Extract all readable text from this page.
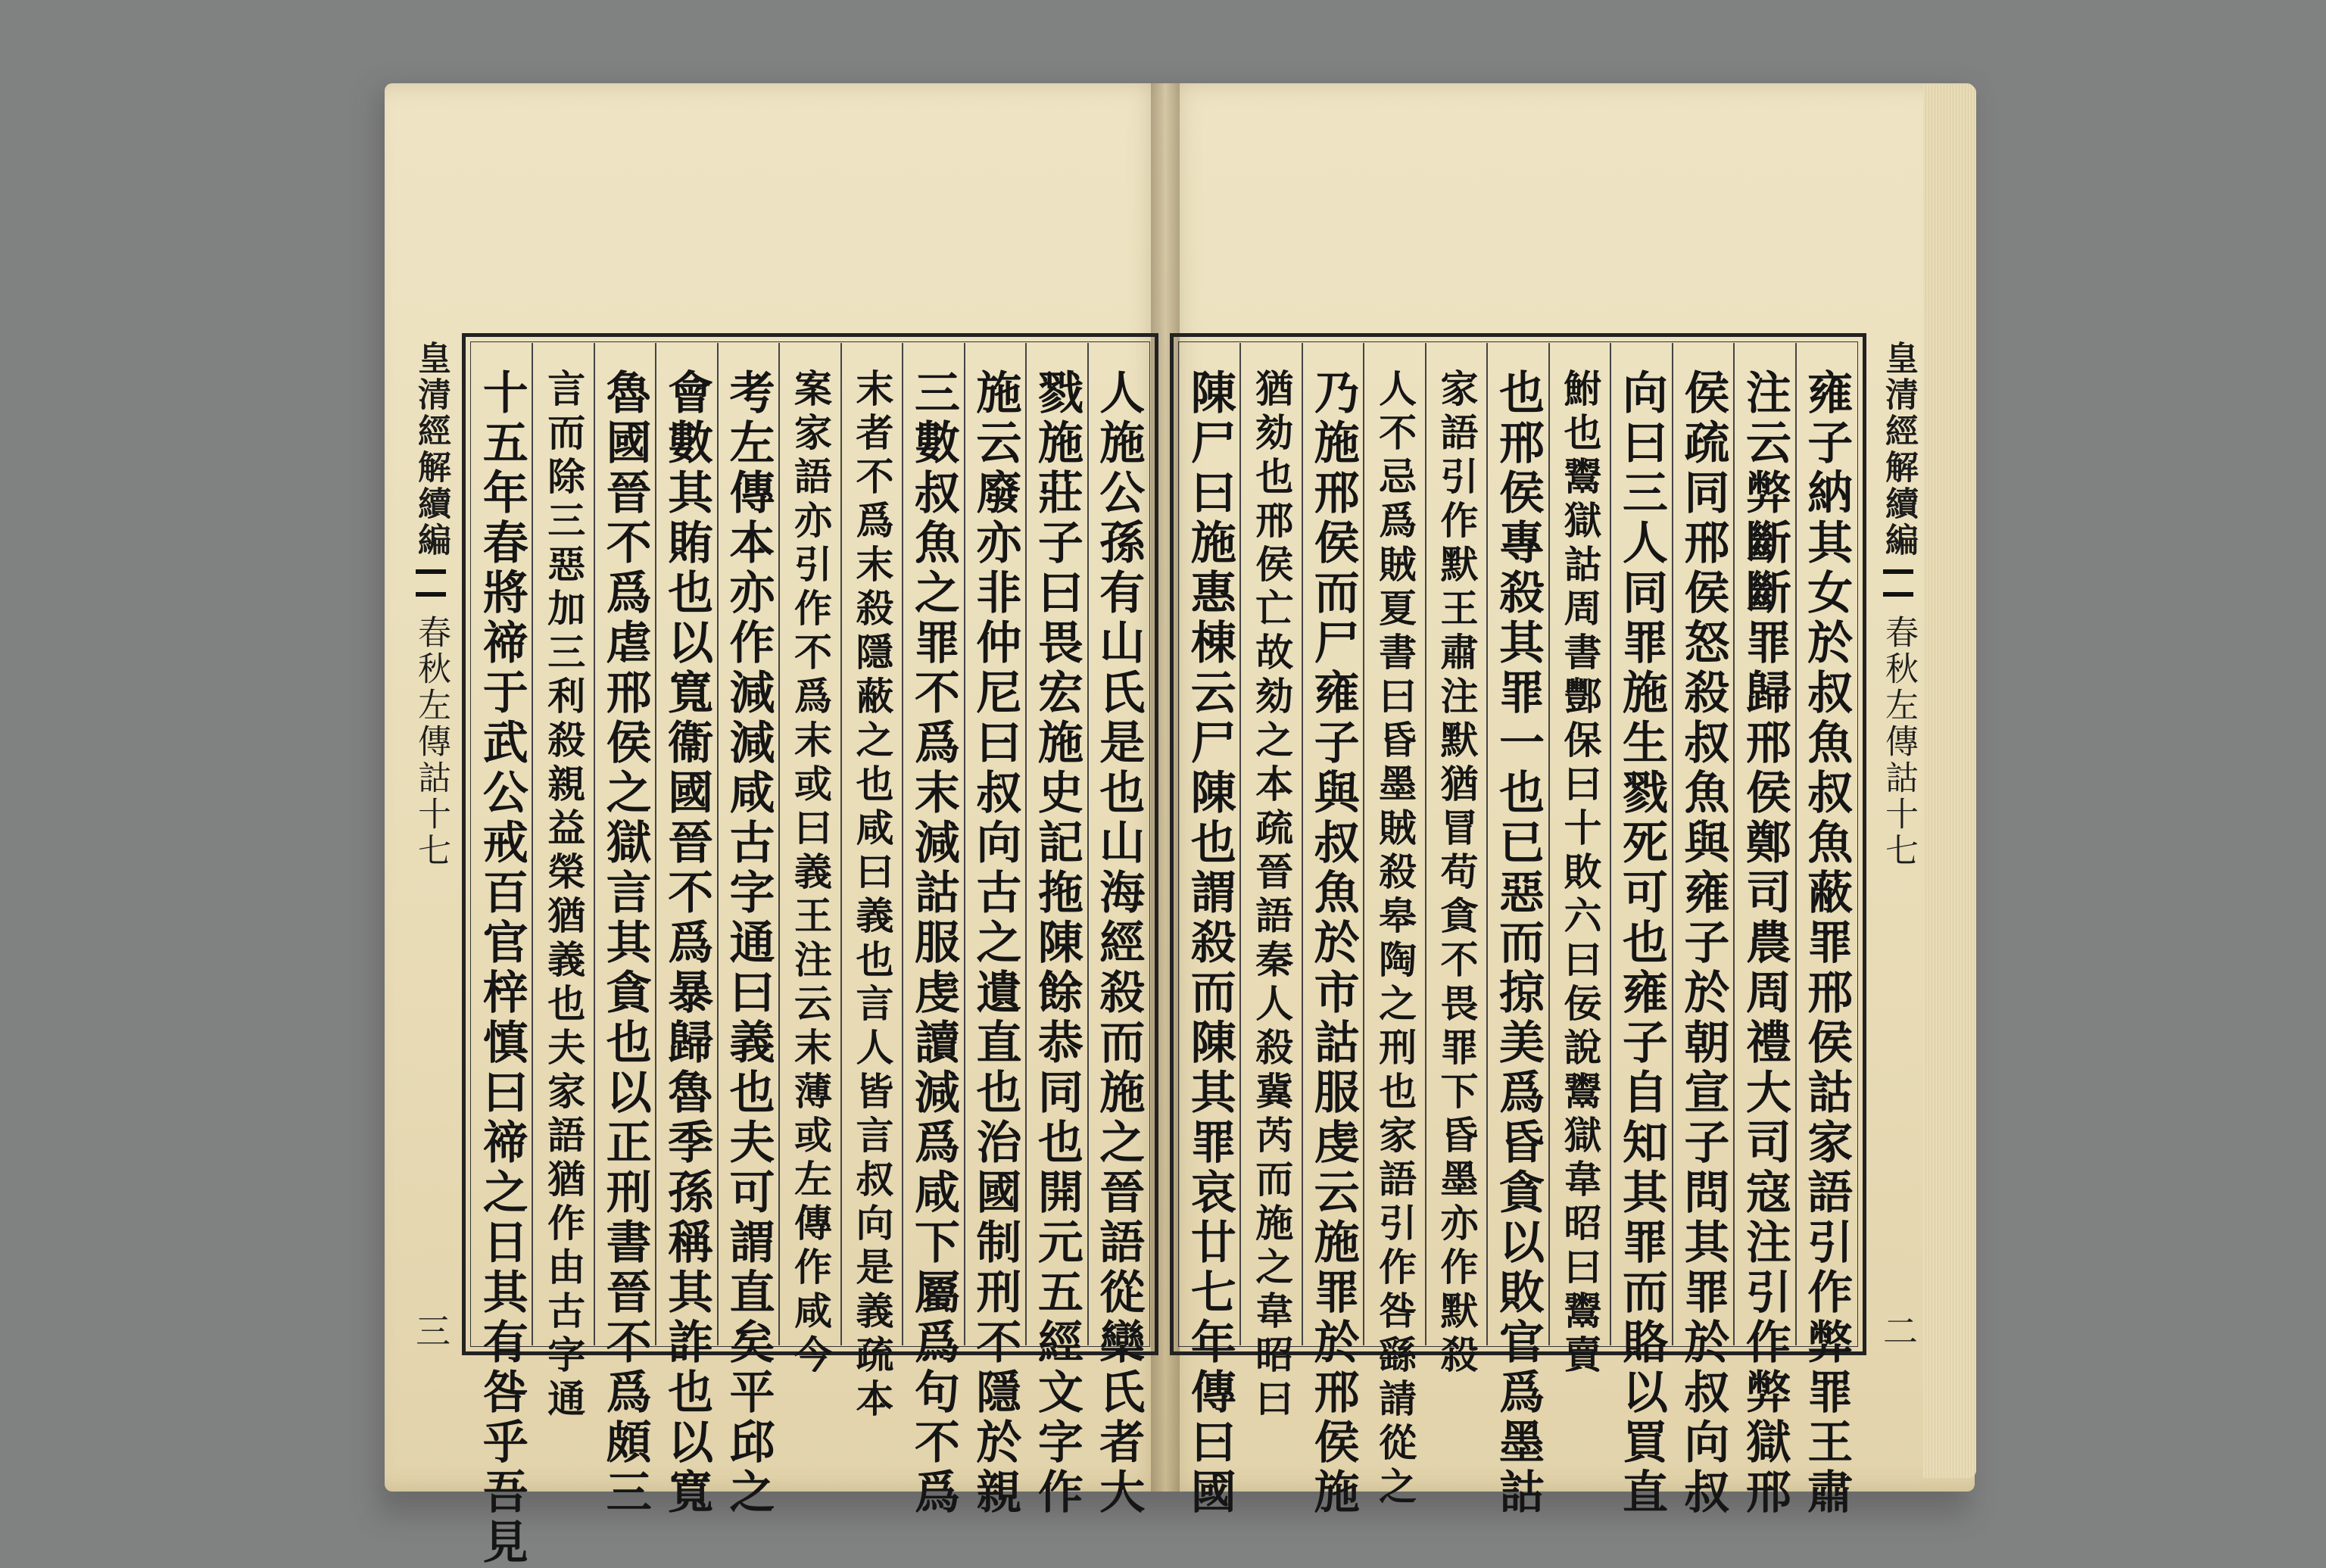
皇清經解續編
春秋左傳詁十七
三	人施公孫有山氏是也山海經殺而施之晉語從欒氏者大
戮施莊子曰畏宏施史記拖陳餘恭同也開元五經文字作
施云廢亦非仲尼曰叔向古之遺直也治國制刑不隱於親
三數叔魚之罪不爲末減詁服虔讀減爲咸下屬爲句不爲
末者不爲末殺隱蔽之也咸曰義也言人皆言叔向是義疏本
案家語亦引作不爲末或曰義王注云末薄或左傳作咸今
考左傳本亦作減減咸古字通曰義也夫可謂直矣平邱之
會數其賄也以寬衞國晉不爲暴歸魯季孫稱其詐也以寬
魯國晉不爲虐邢侯之獄言其貪也以正刑書晉不爲頗三
言而除三惡加三利殺親益榮猶義也夫家語猶作由古字通
十五年春將禘于武公戒百官梓慎曰禘之日其有咎乎吾見	雍子納其女於叔魚叔魚蔽罪邢侯詁家語引作弊罪王肅
注云弊斷斷罪歸邢侯鄭司農周禮大司寇注引作弊獄邢
侯疏同邢侯怒殺叔魚與雍子於朝宣子問其罪於叔向叔
向曰三人同罪施生戮死可也雍子自知其罪而賂以買直
鮒也鬻獄詁周書酆保曰十敗六曰佞說鬻獄韋昭曰鬻賣
也邢侯專殺其罪一也已惡而掠美爲昏貪以敗官爲墨詁
家語引作默王肅注默猶冒苟貪不畏罪下昏墨亦作默殺
人不忌爲賊夏書曰昏墨賊殺皋陶之刑也家語引作咎繇請從之
乃施邢侯而尸雍子與叔魚於市詁服虔云施罪於邢侯施
猶劾也邢侯亡故劾之本疏晉語秦人殺冀芮而施之韋昭曰
陳尸曰施惠棟云尸陳也謂殺而陳其罪哀廿七年傳曰國	皇清經解續編
春秋左傳詁十七
二
